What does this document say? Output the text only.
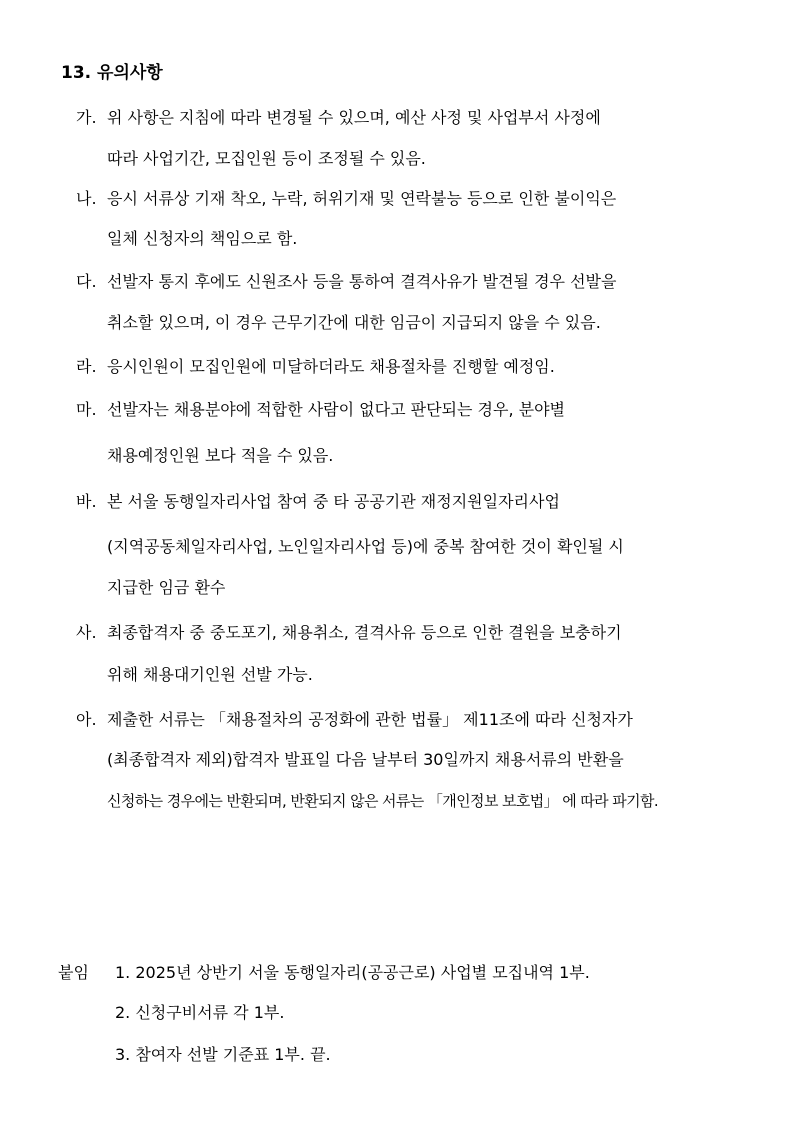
13. 유의사항
가. 위 사항은 지침에 따라 변경될 수 있으며, 예산 사정 및 사업부서 사정에
따라 사업기간, 모집인원 등이 조정될 수 있음.
나. 응시 서류상 기재 착오, 누락, 허위기재 및 연락불능 등으로 인한 불이익은
일체 신청자의 책임으로 함.
다. 선발자 통지 후에도 신원조사 등을 통하여 결격사유가 발견될 경우 선발을
취소할 있으며, 이 경우 근무기간에 대한 임금이 지급되지 않을 수 있음.
라. 응시인원이 모집인원에 미달하더라도 채용절차를 진행할 예정임.
마. 선발자는 채용분야에 적합한 사람이 없다고 판단되는 경우, 분야별
채용예정인원 보다 적을 수 있음.
바. 본 서울 동행일자리사업 참여 중 타 공공기관 재정지원일자리사업
(지역공동체일자리사업, 노인일자리사업 등)에 중복 참여한 것이 확인될 시
지급한 임금 환수
사. 최종합격자 중 중도포기, 채용취소, 결격사유 등으로 인한 결원을 보충하기
위해 채용대기인원 선발 가능.
아. 제출한 서류는 「채용절차의 공정화에 관한 법률」 제11조에 따라 신청자가
(최종합격자 제외)합격자 발표일 다음 날부터 30일까지 채용서류의 반환을
신청하는 경우에는 반환되며, 반환되지 않은 서류는 「개인정보 보호법」 에 따라 파기함.
붙임 1. 2025년 상반기 서울 동행일자리(공공근로) 사업별 모집내역 1부.
2. 신청구비서류 각 1부.
3. 참여자 선발 기준표 1부. 끝.
